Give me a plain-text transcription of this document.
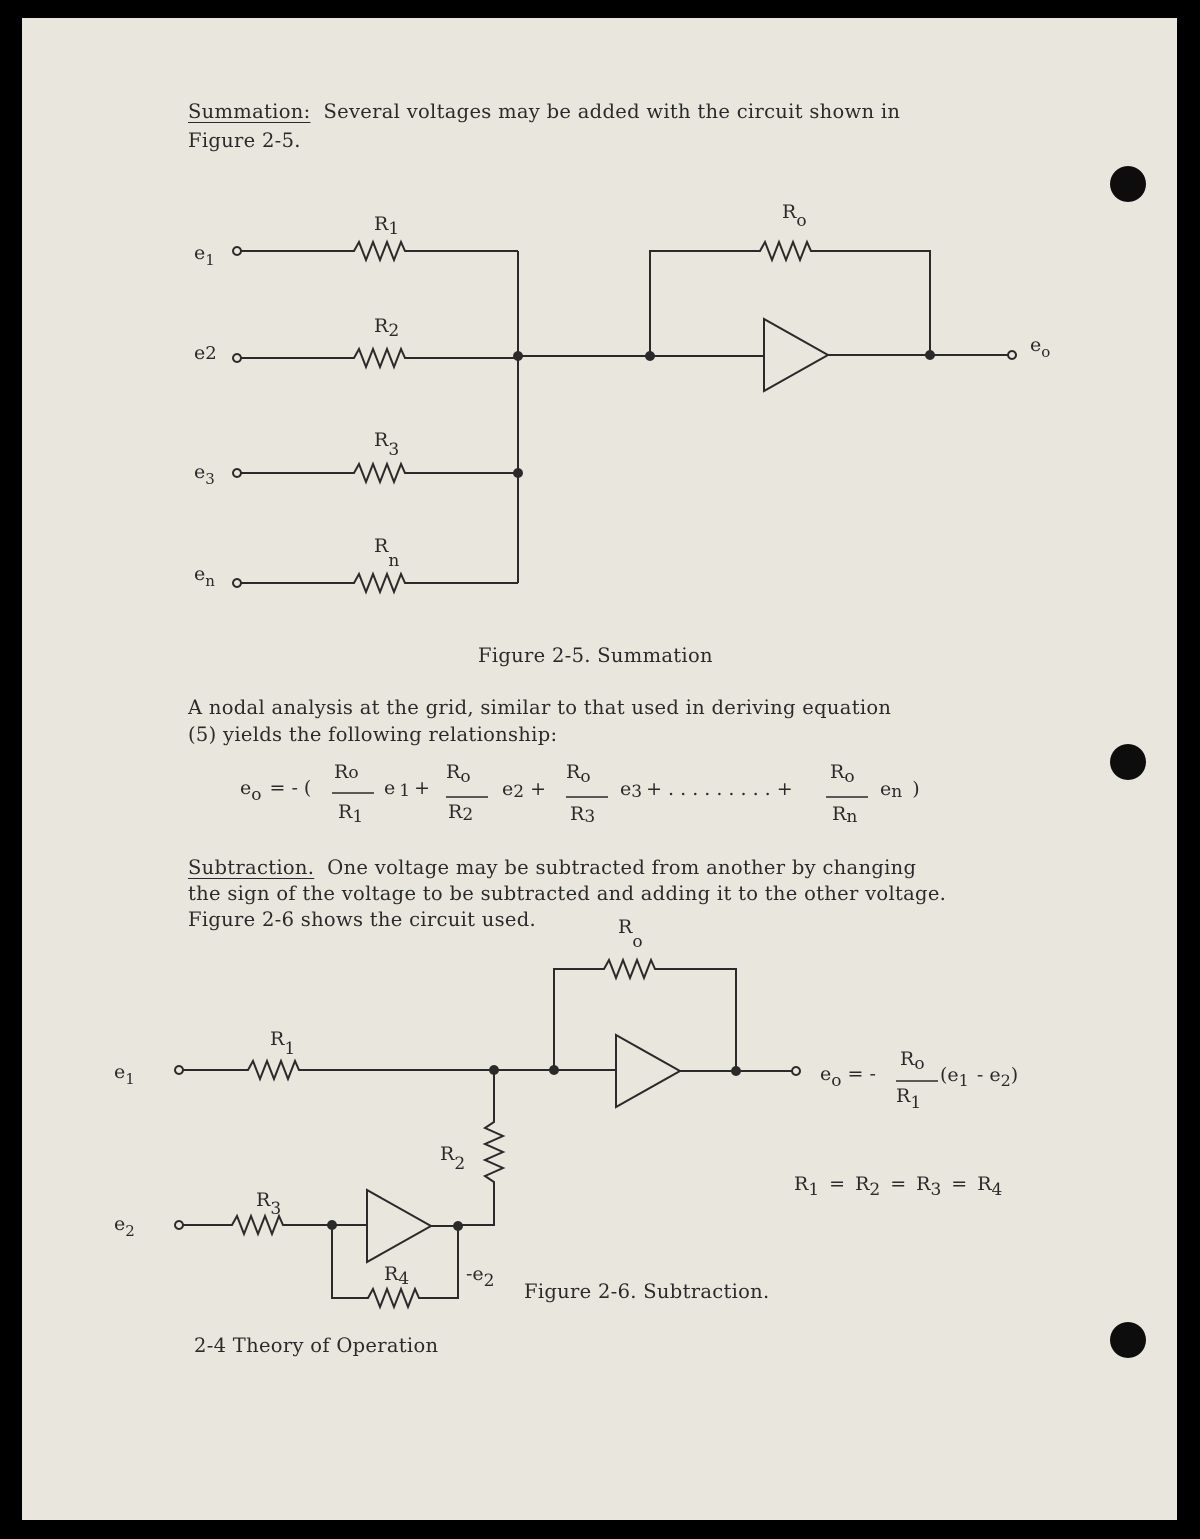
Summation: Several voltages may be added with the circuit shown in
Figure 2-5.
$e_1$
e2
$e_3$
$e_n$
R1
R2
R3
Rn
Ro
$e_o$
$e_1$
$e_2$
R1
R2
R3
R4
Ro
-e2
eo = -
Ro
R1
$(e_1 - e_2)$
R1 = R2 = R3 = R4
eo = - (
Ro
R1
e 1 +
Ro
R2
e2 +
Ro
R3
e3 + . . . . . . . . . +
Ro
Rn
en )
Figure 2-5. Summation
A nodal analysis at the grid, similar to that used in deriving equation
(5) yields the following relationship:
Subtraction. One voltage may be subtracted from another by changing
the sign of the voltage to be subtracted and adding it to the other voltage.
Figure 2-6 shows the circuit used.
Figure 2-6. Subtraction.
2-4 Theory of Operation
